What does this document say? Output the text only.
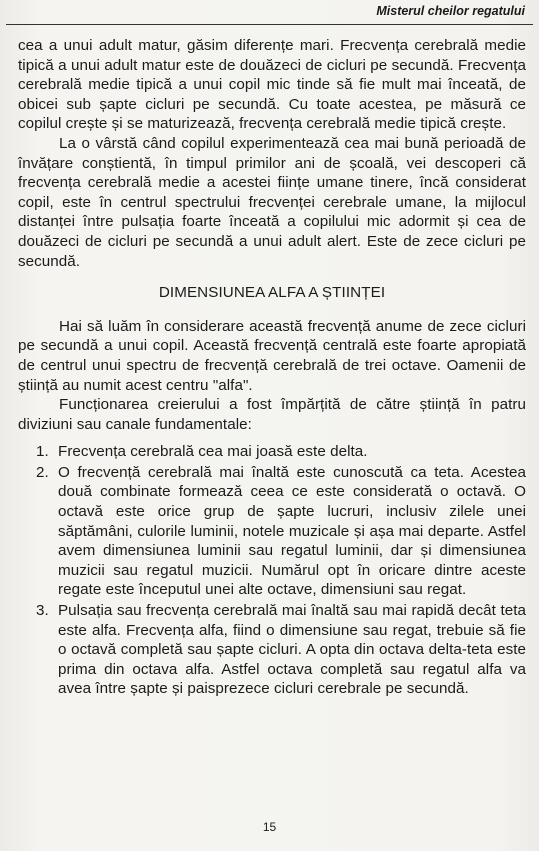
Misterul cheilor regatului

cea a unui adult matur, găsim diferențe mari. Frecvența cerebrală medie tipică a unui adult matur este de douăzeci de cicluri pe secundă. Frecvența cerebrală medie tipică a unui copil mic tinde să fie mult mai înceată, de obicei sub șapte cicluri pe secundă. Cu toate acestea, pe măsură ce copilul crește și se maturizează, frecvența cerebrală medie tipică crește.

La o vârstă când copilul experimentează cea mai bună perioadă de învățare conștientă, în timpul primilor ani de școală, vei descoperi că frecvența cerebrală medie a acestei ființe umane tinere, încă considerat copil, este în centrul spectrului frecvenței cerebrale umane, la mijlocul distanței între pulsația foarte înceată a copilului mic adormit și cea de douăzeci de cicluri pe secundă a unui adult alert. Este de zece cicluri pe secundă.

DIMENSIUNEA ALFA A ȘTIINȚEI

Hai să luăm în considerare această frecvență anume de zece cicluri pe secundă a unui copil. Această frecvență centrală este foarte apropiată de centrul unui spectru de frecvență cerebrală de trei octave. Oamenii de știință au numit acest centru "alfa".

Funcționarea creierului a fost împărțită de către știință în patru diviziuni sau canale fundamentale:

1. Frecvența cerebrală cea mai joasă este delta.
2. O frecvență cerebrală mai înaltă este cunoscută ca teta. Acestea două combinate formează ceea ce este considerată o octavă. O octavă este orice grup de șapte lucruri, inclusiv zilele unei săptămâni, culorile luminii, notele muzicale și așa mai departe. Astfel avem dimensiunea luminii sau regatul luminii, dar și dimensiunea muzicii sau regatul muzicii. Numărul opt în oricare dintre aceste regate este începutul unei alte octave, dimensiuni sau regat.
3. Pulsația sau frecvența cerebrală mai înaltă sau mai rapidă decât teta este alfa. Frecvența alfa, fiind o dimensiune sau regat, trebuie să fie o octavă completă sau șapte cicluri. A opta din octava delta-teta este prima din octava alfa. Astfel octava completă sau regatul alfa va avea între șapte și paisprezece cicluri cerebrale pe secundă.
15
